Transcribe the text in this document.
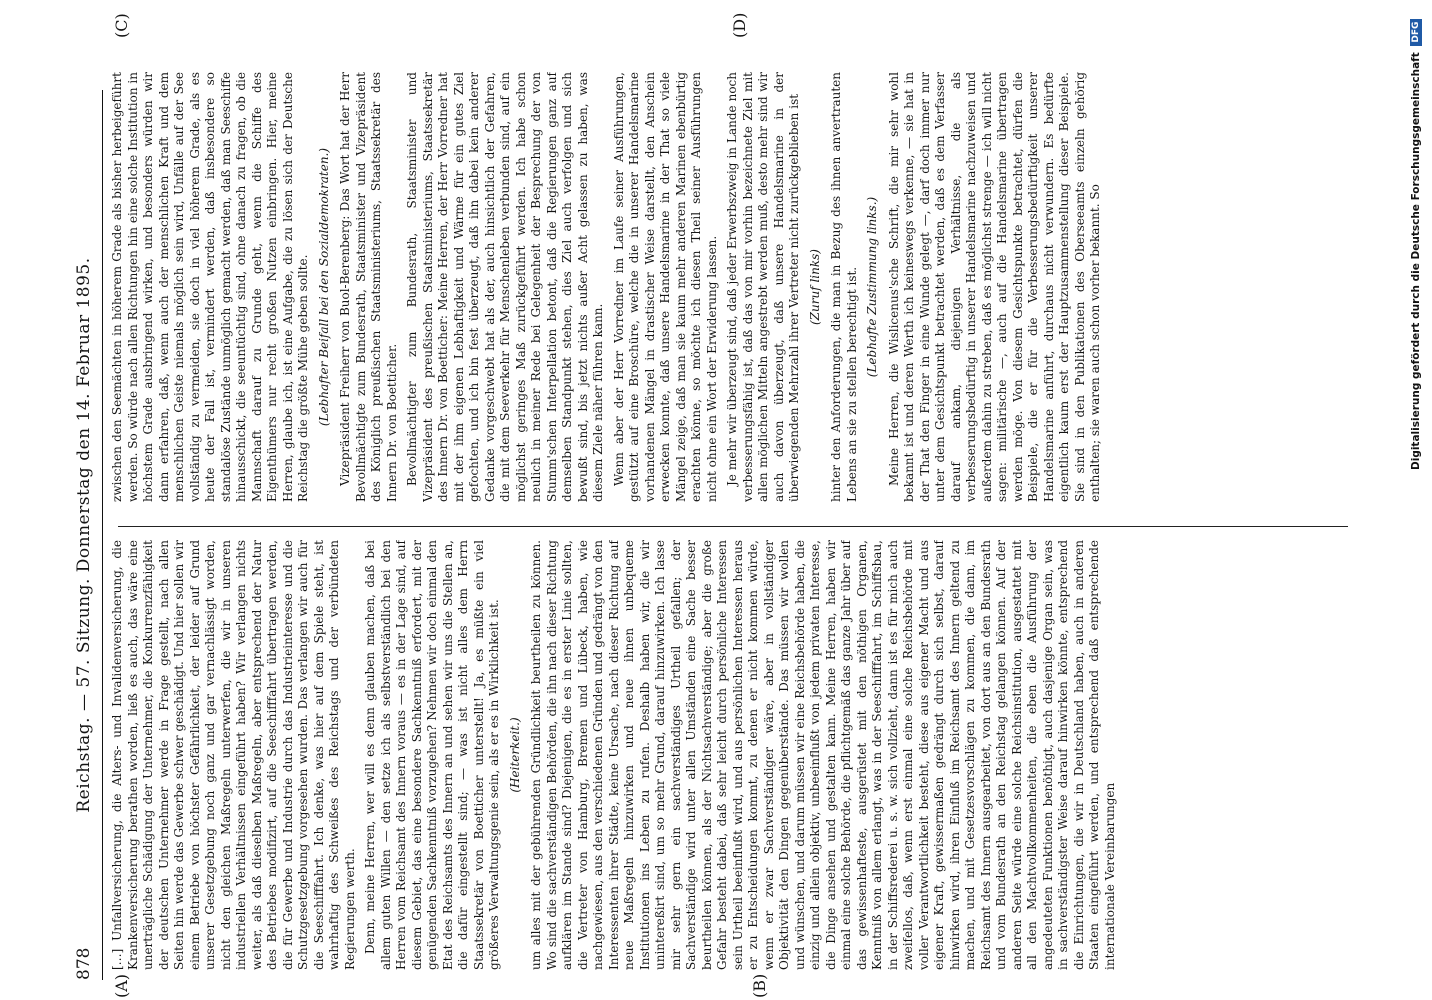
878
Reichstag. — 57. Sitzung. Donnerstag den 14. Februar 1895. […] Unfallversicherung, die Alters- und Invalidenversicherung, die Krankenversicherung berathen worden, ließ es auch, das wäre eine unerträgliche Schädigung der Unternehmer, die Konkurrenzfähigkeit der deutschen Unternehmer werde in Frage gestellt, nach allen Seiten hin werde das Gewerbe schwer geschädigt. Und hier sollen wir einem Betriebe von höchster Gefährlichkeit, der leider auf Grund unserer Gesetzgebung noch ganz und gar vernachlässigt worden, nicht den gleichen Maßregeln unterwerfen, die wir in unseren industriellen Verhältnissen eingeführt haben? Wir verlangen nichts weiter, als daß dieselben Maßregeln, aber entsprechend der Natur des Betriebes modifizirt, auf die Seeschifffahrt übertragen werden, die für Gewerbe und Industrie durch das Industrieinteresse und die Schutzgesetzgebung vorgesehen wurden. Das verlangen wir auch für die Seeschifffahrt. Ich denke, was hier auf dem Spiele steht, ist wahrhaftig des Schweißes des Reichstags und der verbündeten Regierungen werth. Denn, meine Herren, wer will es denn glauben machen, daß bei allem guten Willen — den setze ich als selbstverständlich bei den Herren vom Reichsamt des Innern voraus — es in der Lage sind, auf diesem Gebiet, das eine besondere Sachkenntniß erfordert, mit der genügenden Sachkenntniß vorzugehen? Nehmen wir doch einmal den Etat des Reichsamts des Innern an und sehen wir uns die Stellen an, die dafür eingestellt sind; — was ist nicht alles dem Herrn Staatssekretär von Boetticher unterstellt! Ja, es müßte ein viel größeres Verwaltungsgenie sein, als er es in Wirklichkeit ist. (Heiterkeit.) um alles mit der gebührenden Gründlichkeit beurtheilen zu können. Wo sind die sachverständigen Behörden, die ihn nach dieser Richtung aufklären im Stande sind? Diejenigen, die es in erster Linie sollten, die Vertreter von Hamburg, Bremen und Lübeck, haben, wie nachgewiesen, aus den verschiedenen Gründen und gedrängt von den Interessenten ihrer Städte, keine Ursache, nach dieser Richtung auf neue Maßregeln hinzuwirken und neue ihnen unbequeme Institutionen ins Leben zu rufen. Deshalb haben wir, die wir unintereßirt sind, um so mehr Grund, darauf hinzuwirken. Ich lasse mir sehr gern ein sachverständiges Urtheil gefallen; der Sachverständige wird unter allen Umständen eine Sache besser beurtheilen können, als der Nichtsachverständige; aber die große Gefahr besteht dabei, daß sehr leicht durch persönliche Interessen sein Urtheil beeinflußt wird, und aus persönlichen Interessen heraus er zu Entscheidungen kommt, zu denen er nicht kommen würde, wenn er zwar Sachverständiger wäre, aber in vollständiger Objektivität den Dingen gegenüberstände. Das müssen wir wollen und wünschen, und darum müssen wir eine Reichsbehörde haben, die einzig und allein objektiv, unbeeinflußt von jedem privaten Interesse, die Dinge ansehen und gestalten kann. Meine Herren, haben wir einmal eine solche Behörde, die pflichtgemäß das ganze Jahr über auf das gewissenhafteste, ausgerüstet mit den nöthigen Organen, Kenntniß von allem erlangt, was in der Seeschifffahrt, im Schiffsbau, in der Schiffsrederei u. s. w. sich vollzieht, dann ist es für mich auch zweifellos, daß, wenn erst einmal eine solche Reichsbehörde mit voller Verantwortlichkeit besteht, diese aus eigener Macht und aus eigener Kraft, gewissermaßen gedrängt durch sich selbst, darauf hinwirken wird, ihren Einfluß im Reichsamt des Innern geltend zu machen, und mit Gesetzesvorschlägen zu kommen, die dann, im Reichsamt des Innern ausgearbeitet, von dort aus an den Bundesrath und vom Bundesrath an den Reichstag gelangen können. Auf der anderen Seite würde eine solche Reichsinstitution, ausgestattet mit all den Machtvollkommenheiten, die eben die Ausführung der angedeuteten Funktionen benöthigt, auch dasjenige Organ sein, was in sachverständigster Weise darauf hinwirken könnte, entsprechend die Einrichtungen, die wir in Deutschland haben, auch in anderen Staaten eingeführt werden, und entsprechend daß entsprechende internationale Vereinbarungen

zwischen den Seemächten in höherem Grade als bisher herbeigeführt werden. So würde nach allen Richtungen hin eine solche Institution in höchstem Grade ausbringend wirken, und besonders würden wir dann erfahren, daß, wenn auch der menschlichen Kraft und dem menschlichen Geiste niemals möglich sein wird, Unfälle auf der See vollständig zu vermeiden, sie doch in viel höherem Grade, als es heute der Fall ist, vermindert werden, daß insbesondere so standalöse Zustände unmöglich gemacht werden, daß man Seeschiffe hinausschickt, die seeuntüchtig sind, ohne danach zu fragen, ob die Mannschaft darauf zu Grunde geht, wenn die Schiffe des Eigenthümers nur recht großen Nutzen einbringen. Hier, meine Herren, glaube ich, ist eine Aufgabe, die zu lösen sich der Deutsche Reichstag die größte Mühe geben sollte. (Lebhafter Beifall bei den Sozialdemokraten.) Vizepräsident Freiherr von Buol-Berenberg: Das Wort hat der Herr Bevollmächtigte zum Bundesrath, Staatsminister und Vizepräsident des Königlich preußischen Staatsministeriums, Staatssekretär des Innern Dr. von Boetticher. Bevollmächtigter zum Bundesrath, Staatsminister und Vizepräsident des preußischen Staatsministeriums, Staatssekretär des Innern Dr. von Boetticher: Meine Herren, der Herr Vorredner hat mit der ihm eigenen Lebhaftigkeit und Wärme für ein gutes Ziel gefochten, und ich bin fest überzeugt, daß ihn dabei kein anderer Gedanke vorgeschwebt hat als der, auch hinsichtlich der Gefahren, die mit dem Seeverkehr für Menschenleben verbunden sind, auf ein möglichst geringes Maß zurückgeführt werden. Ich habe schon neulich in meiner Rede bei Gelegenheit der Besprechung der von Stumm'schen Interpellation betont, daß die Regierungen ganz auf demselben Standpunkt stehen, dies Ziel auch verfolgen und sich bewußt sind, bis jetzt nichts außer Acht gelassen zu haben, was diesem Ziele näher führen kann. Wenn aber der Herr Vorredner im Laufe seiner Ausführungen, gestützt auf eine Broschüre, welche die in unserer Handelsmarine vorhandenen Mängel in drastischer Weise darstellt, den Anschein erwecken konnte, daß unsere Handelsmarine in der That so viele Mängel zeige, daß man sie kaum mehr anderen Marinen ebenbürtig erachten könne, so möchte ich diesen Theil seiner Ausführungen nicht ohne ein Wort der Erwiderung lassen. Je mehr wir überzeugt sind, daß jeder Erwerbszweig in Lande noch verbesserungsfähig ist, daß das von mir vorhin bezeichnete Ziel mit allen möglichen Mitteln angestrebt werden muß, desto mehr sind wir auch davon überzeugt, daß unsere Handelsmarine in der überwiegenden Mehrzahl ihrer Vertreter nicht zurückgeblieben ist (Zuruf links) hinter den Anforderungen, die man in Bezug des ihnen anvertrauten Lebens an sie zu stellen berechtigt ist. (Lebhafte Zustimmung links.) Meine Herren, die Wislicenus'sche Schrift, die mir sehr wohl bekannt ist und deren Werth ich keineswegs verkenne, — sie hat in der That den Finger in eine Wunde gelegt —, darf doch immer nur unter dem Gesichtspunkt betrachtet werden, daß es dem Verfasser darauf ankam, diejenigen Verhältnisse, die als verbesserungsbedürftig in unserer Handelsmarine nachzuweisen und außerdem dahin zu streben, daß es möglichst strenge — ich will nicht sagen: militärische —, auch auf die Handelsmarine übertragen werden möge. Von diesem Gesichtspunkte betrachtet, dürfen die Beispiele, die er für die Verbesserungsbedürftigkeit unserer Handelsmarine anführt, durchaus nicht verwundern. Es bedürfte eigentlich kaum erst der Hauptzusammenstellung dieser Beispiele. Sie sind in den Publikationen des Oberseeamts einzeln gehörig enthalten; sie waren auch schon vorher bekannt. So

(A)	(B)
(C)	(D)
Digitalisierung gefördert durch die Deutsche Forschungsgemeinschaft DFG
